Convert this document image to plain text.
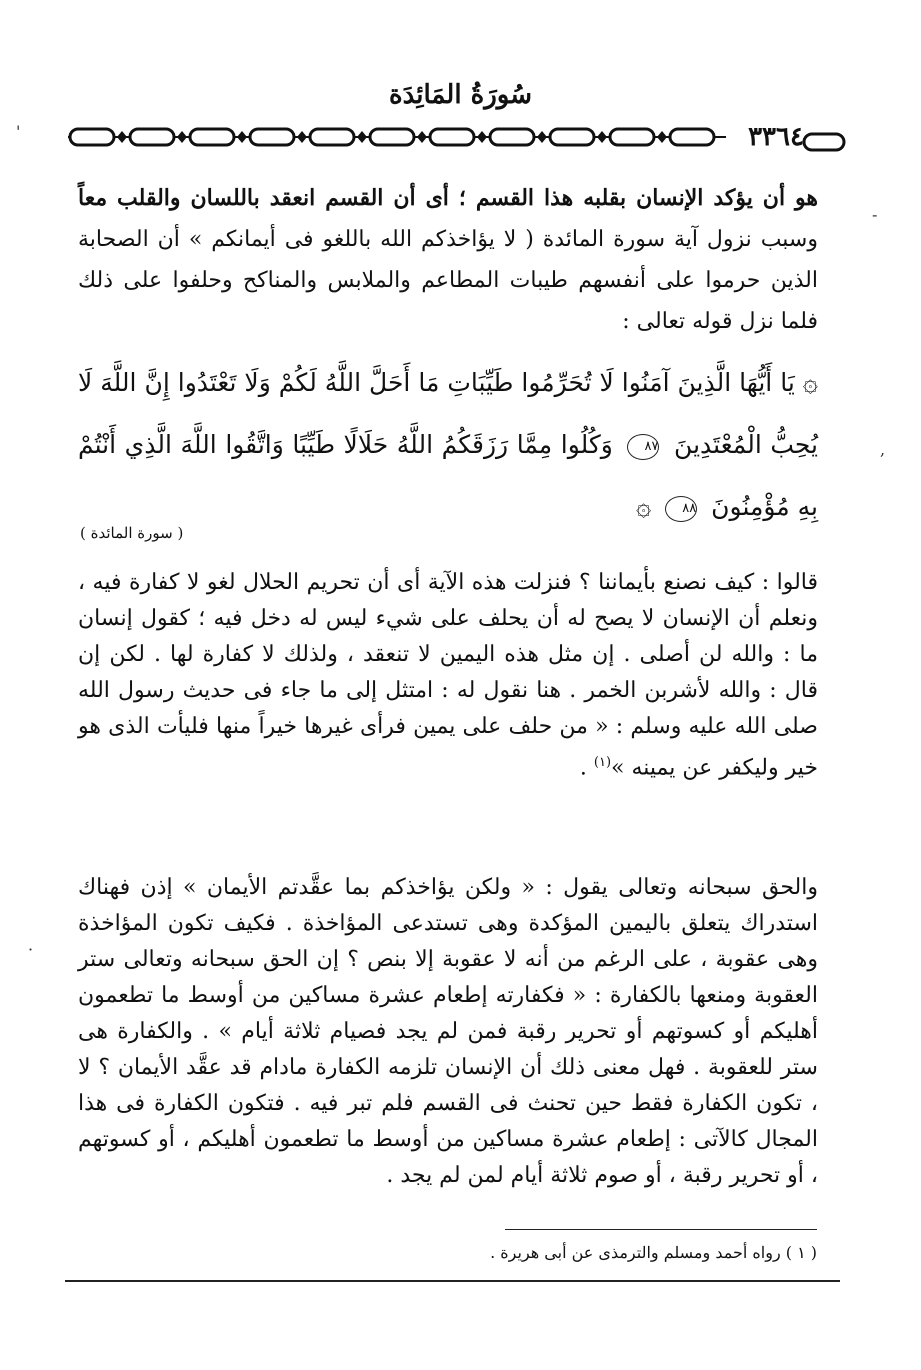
سُورَةُ المَائِدَة
٣٣٦٤

هو أن يؤكد الإنسان بقلبه هذا القسم ؛ أى أن القسم انعقد باللسان والقلب معاً وسبب نزول آية سورة المائدة ( لا يؤاخذكم الله باللغو فى أيمانكم » أن الصحابة الذين حرموا على أنفسهم طيبات المطاعم والملابس والمناكح وحلفوا على ذلك فلما نزل قوله تعالى :

۞ يَا أَيُّهَا الَّذِينَ آمَنُوا لَا تُحَرِّمُوا طَيِّبَاتِ مَا أَحَلَّ اللَّهُ لَكُمْ وَلَا تَعْتَدُوا إِنَّ اللَّهَ لَا يُحِبُّ الْمُعْتَدِينَ ٨٧ وَكُلُوا مِمَّا رَزَقَكُمُ اللَّهُ حَلَالًا طَيِّبًا وَاتَّقُوا اللَّهَ الَّذِي أَنْتُمْ بِهِ مُؤْمِنُونَ ٨٨ ۞

( سورة المائدة )

قالوا : كيف نصنع بأيماننا ؟ فنزلت هذه الآية أى أن تحريم الحلال لغو لا كفارة فيه ، ونعلم أن الإنسان لا يصح له أن يحلف على شيء ليس له دخل فيه ؛ كقول إنسان ما : والله لن أصلى . إن مثل هذه اليمين لا تنعقد ، ولذلك لا كفارة لها . لكن إن قال : والله لأشربن الخمر . هنا نقول له : امتثل إلى ما جاء فى حديث رسول الله صلى الله عليه وسلم : « من حلف على يمين فرأى غيرها خيراً منها فليأت الذى هو خير وليكفر عن يمينه »$^{(١)}$ .

والحق سبحانه وتعالى يقول : « ولكن يؤاخذكم بما عقَّدتم الأيمان » إذن فهناك استدراك يتعلق باليمين المؤكدة وهى تستدعى المؤاخذة . فكيف تكون المؤاخذة وهى عقوبة ، على الرغم من أنه لا عقوبة إلا بنص ؟ إن الحق سبحانه وتعالى ستر العقوبة ومنعها بالكفارة : « فكفارته إطعام عشرة مساكين من أوسط ما تطعمون أهليكم أو كسوتهم أو تحرير رقبة فمن لم يجد فصيام ثلاثة أيام » . والكفارة هى ستر للعقوبة . فهل معنى ذلك أن الإنسان تلزمه الكفارة مادام قد عقَّد الأيمان ؟ لا ، تكون الكفارة فقط حين تحنث فى القسم فلم تبر فيه . فتكون الكفارة فى هذا المجال كالآتى : إطعام عشرة مساكين من أوسط ما تطعمون أهليكم ، أو كسوتهم ، أو تحرير رقبة ، أو صوم ثلاثة أيام لمن لم يجد .

( ١ ) رواه أحمد ومسلم والترمذى عن أبى هريرة .
'
-
,
·
